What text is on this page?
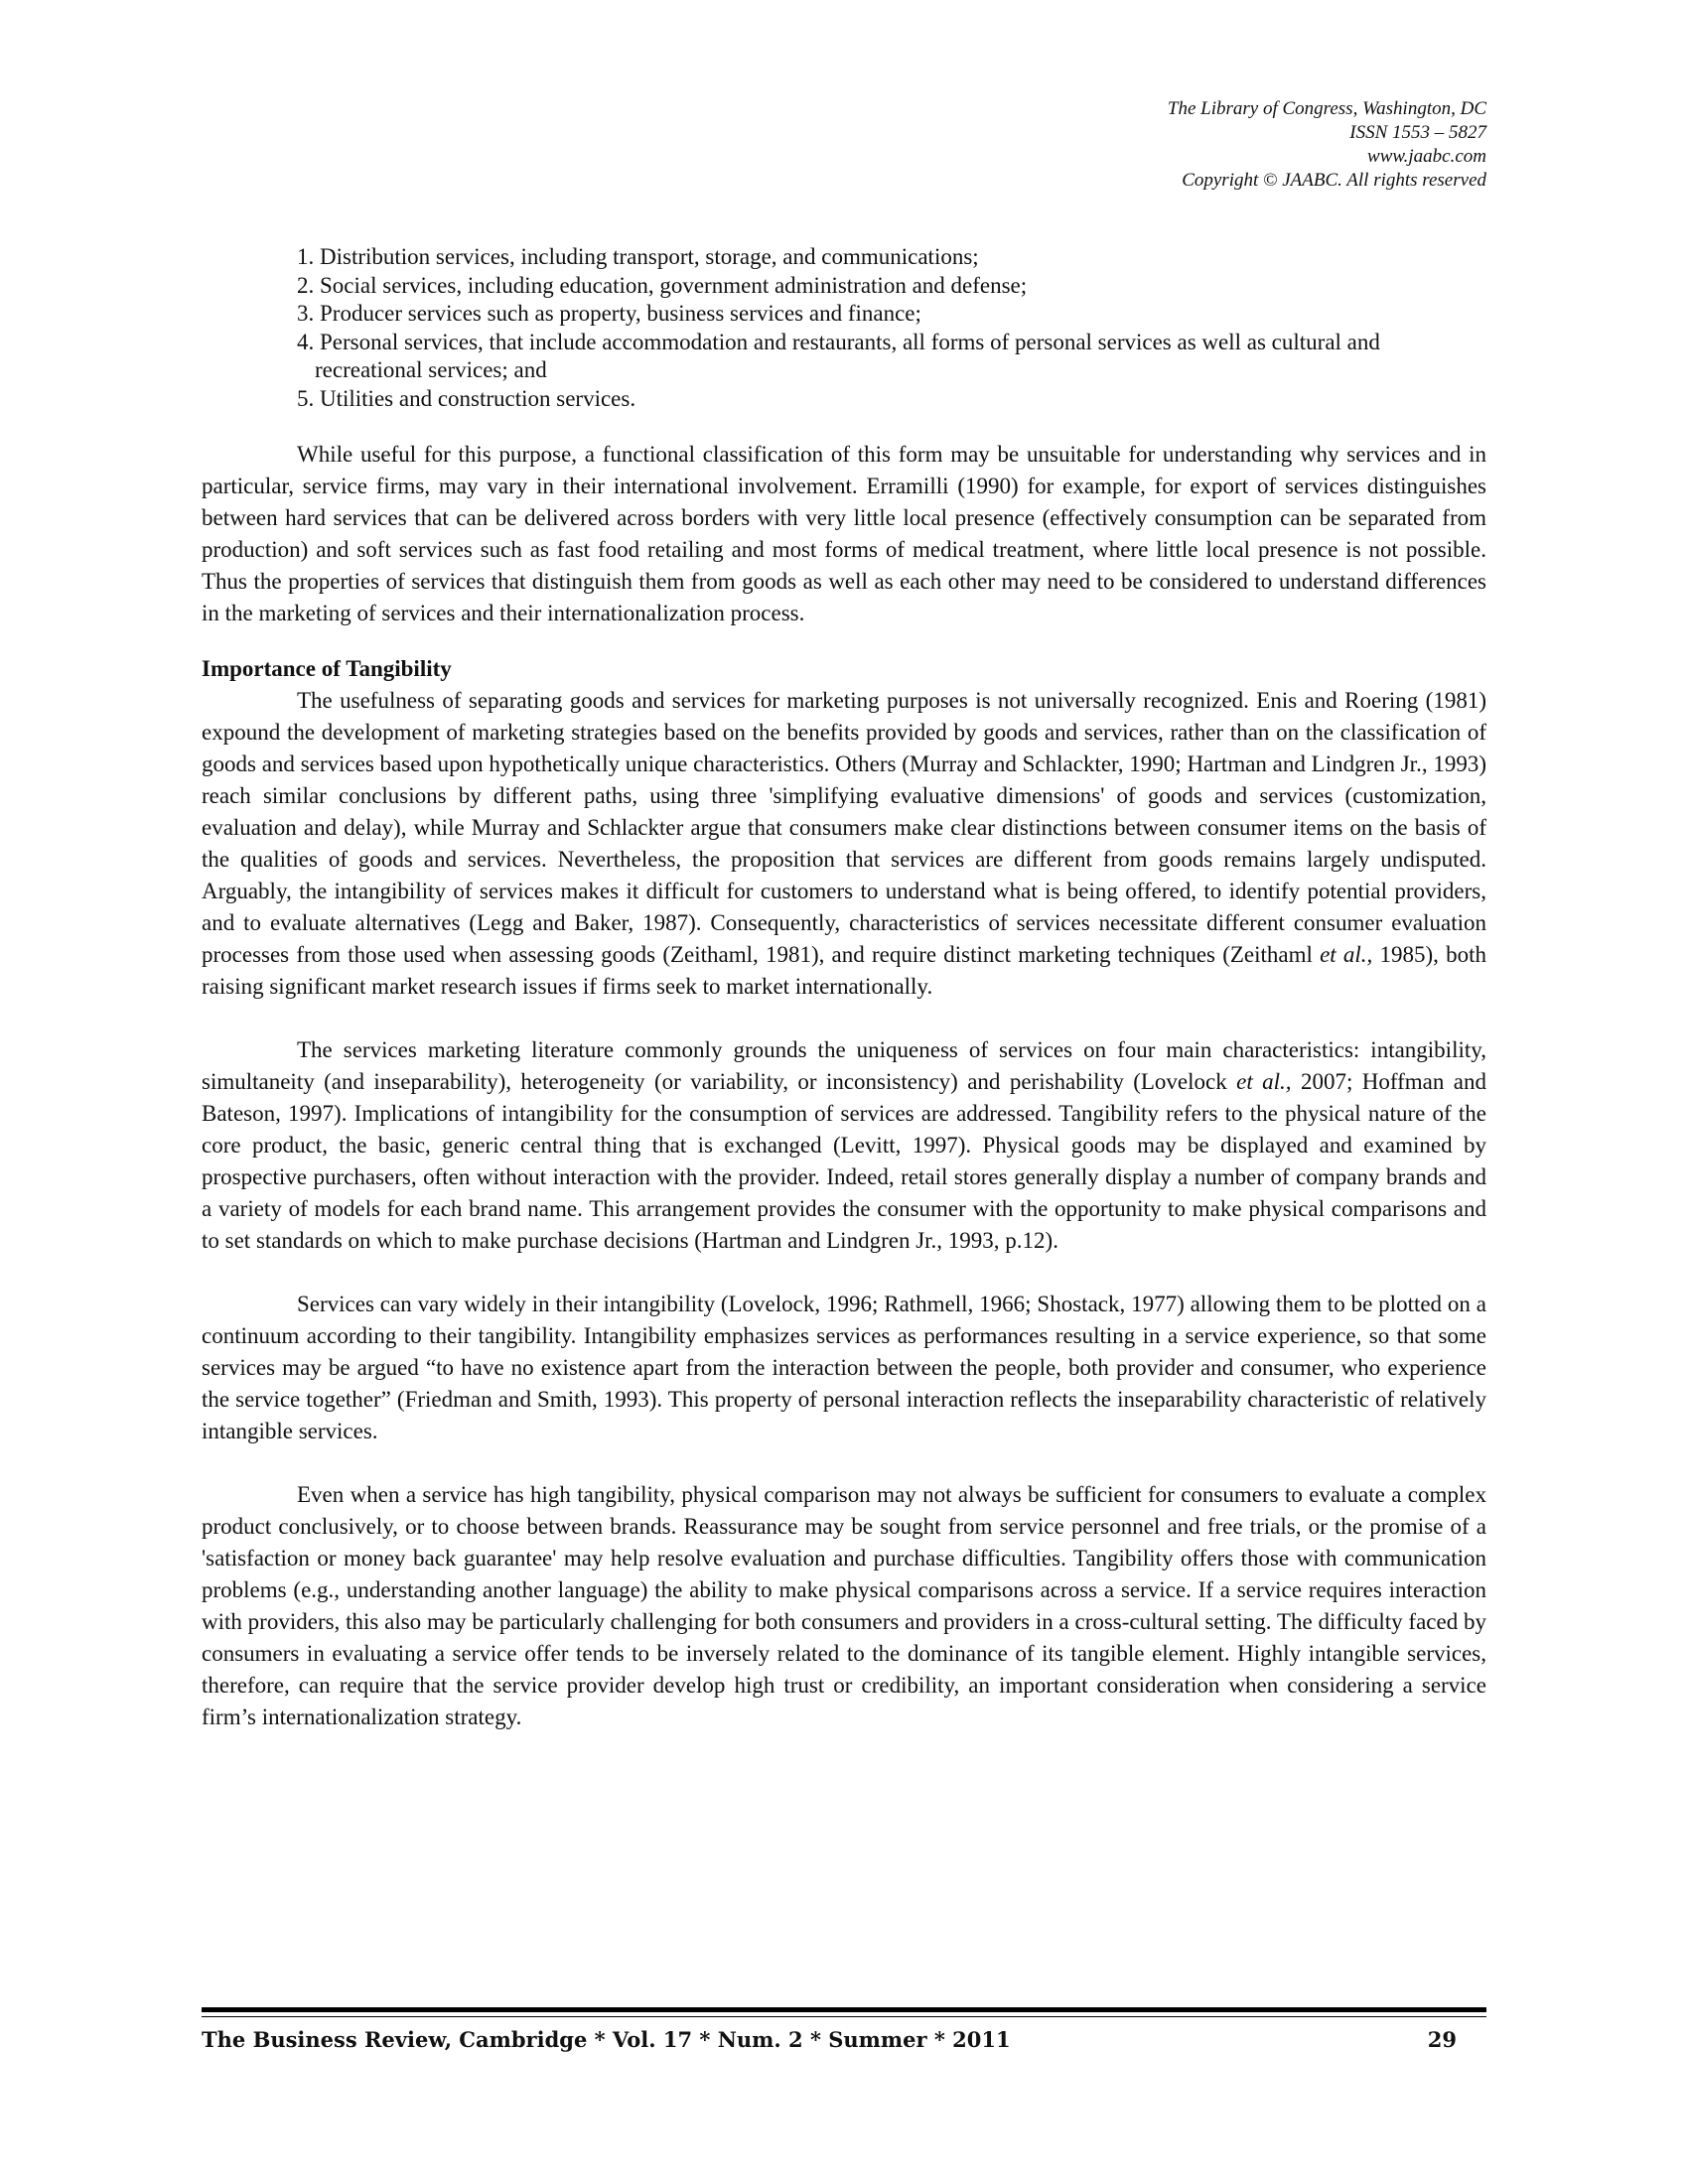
The Library of Congress, Washington, DC
ISSN 1553 – 5827
www.jaabc.com
Copyright © JAABC. All rights reserved
1. Distribution services, including transport, storage, and communications;
2. Social services, including education, government administration and defense;
3. Producer services such as property, business services and finance;
4. Personal services, that include accommodation and restaurants, all forms of personal services as well as cultural and recreational services; and
5. Utilities and construction services.

While useful for this purpose, a functional classification of this form may be unsuitable for understanding why services and in particular, service firms, may vary in their international involvement. Erramilli (1990) for example, for export of services distinguishes between hard services that can be delivered across borders with very little local presence (effectively consumption can be separated from production) and soft services such as fast food retailing and most forms of medical treatment, where little local presence is not possible. Thus the properties of services that distinguish them from goods as well as each other may need to be considered to understand differences in the marketing of services and their internationalization process.

Importance of Tangibility

The usefulness of separating goods and services for marketing purposes is not universally recognized. Enis and Roering (1981) expound the development of marketing strategies based on the benefits provided by goods and services, rather than on the classification of goods and services based upon hypothetically unique characteristics. Others (Murray and Schlackter, 1990; Hartman and Lindgren Jr., 1993) reach similar conclusions by different paths, using three 'simplifying evaluative dimensions' of goods and services (customization, evaluation and delay), while Murray and Schlackter argue that consumers make clear distinctions between consumer items on the basis of the qualities of goods and services. Nevertheless, the proposition that services are different from goods remains largely undisputed. Arguably, the intangibility of services makes it difficult for customers to understand what is being offered, to identify potential providers, and to evaluate alternatives (Legg and Baker, 1987). Consequently, characteristics of services necessitate different consumer evaluation processes from those used when assessing goods (Zeithaml, 1981), and require distinct marketing techniques (Zeithaml et al., 1985), both raising significant market research issues if firms seek to market internationally.

The services marketing literature commonly grounds the uniqueness of services on four main characteristics: intangibility, simultaneity (and inseparability), heterogeneity (or variability, or inconsistency) and perishability (Lovelock et al., 2007; Hoffman and Bateson, 1997). Implications of intangibility for the consumption of services are addressed. Tangibility refers to the physical nature of the core product, the basic, generic central thing that is exchanged (Levitt, 1997). Physical goods may be displayed and examined by prospective purchasers, often without interaction with the provider. Indeed, retail stores generally display a number of company brands and a variety of models for each brand name. This arrangement provides the consumer with the opportunity to make physical comparisons and to set standards on which to make purchase decisions (Hartman and Lindgren Jr., 1993, p.12).

Services can vary widely in their intangibility (Lovelock, 1996; Rathmell, 1966; Shostack, 1977) allowing them to be plotted on a continuum according to their tangibility. Intangibility emphasizes services as performances resulting in a service experience, so that some services may be argued “to have no existence apart from the interaction between the people, both provider and consumer, who experience the service together” (Friedman and Smith, 1993). This property of personal interaction reflects the inseparability characteristic of relatively intangible services.

Even when a service has high tangibility, physical comparison may not always be sufficient for consumers to evaluate a complex product conclusively, or to choose between brands. Reassurance may be sought from service personnel and free trials, or the promise of a 'satisfaction or money back guarantee' may help resolve evaluation and purchase difficulties. Tangibility offers those with communication problems (e.g., understanding another language) the ability to make physical comparisons across a service. If a service requires interaction with providers, this also may be particularly challenging for both consumers and providers in a cross-cultural setting. The difficulty faced by consumers in evaluating a service offer tends to be inversely related to the dominance of its tangible element. Highly intangible services, therefore, can require that the service provider develop high trust or credibility, an important consideration when considering a service firm’s internationalization strategy.

The Business Review, Cambridge * Vol. 17 * Num. 2 * Summer * 2011	29
